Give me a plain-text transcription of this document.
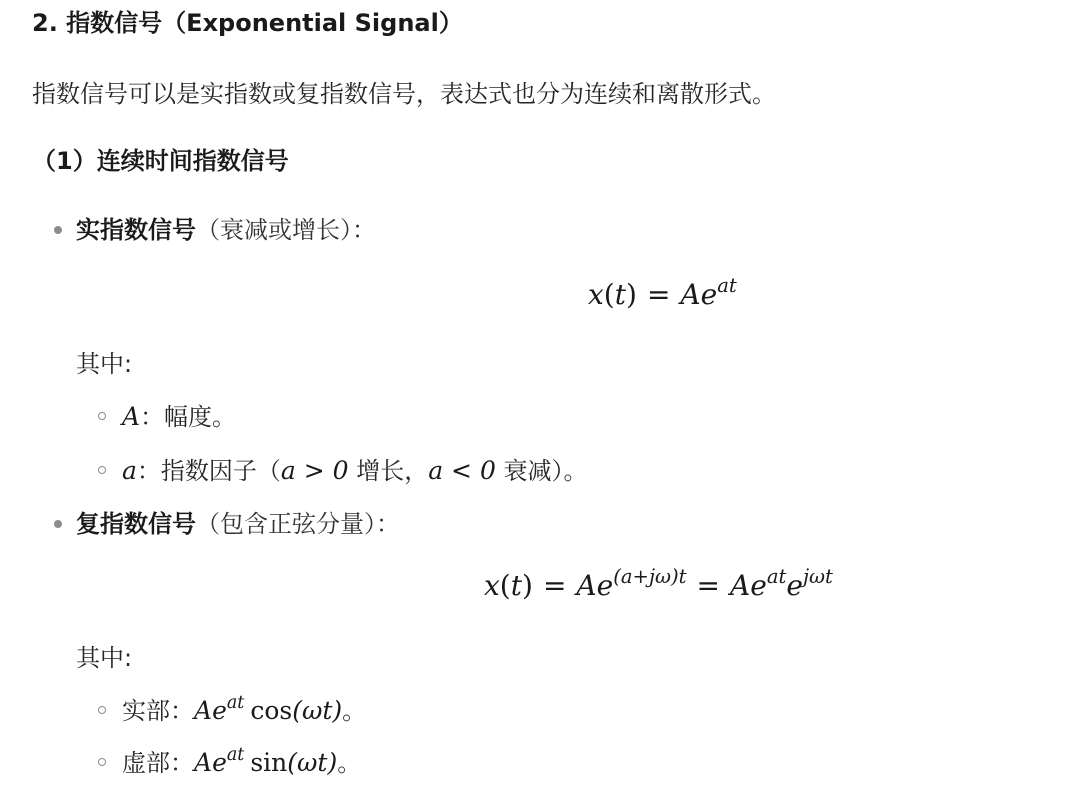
2. 指数信号（Exponential Signal）
指数信号可以是实指数或复指数信号，表达式也分为连续和离散形式。
（1）连续时间指数信号
实指数信号（衰减或增长）：
$x(t) = Ae^{at}$
其中:
A：幅度。
a：指数因子（a > 0 增长，a < 0 衰减）。
复指数信号（包含正弦分量）：
$x(t) = Ae^{(a+j\omega)t} = Ae^{at}e^{j\omega t}$
其中:
实部：$Ae^{at}$ cos(ωt)。
虚部：$Ae^{at}$ sin(ωt)。
